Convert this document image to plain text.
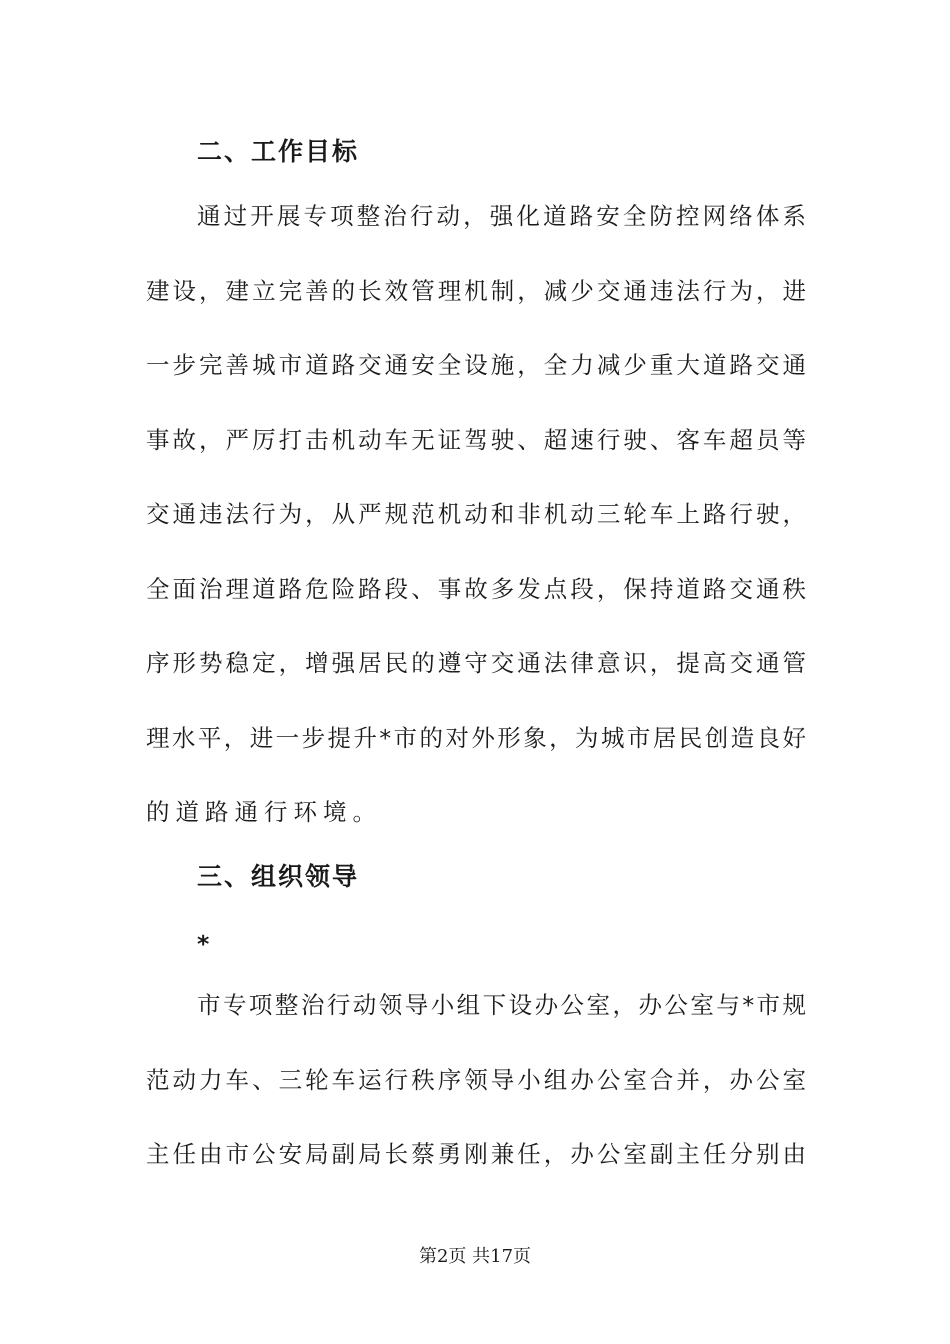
二、工作目标
通过开展专项整治行动，强化道路安全防控网络体系
建设，建立完善的长效管理机制，减少交通违法行为，进
一步完善城市道路交通安全设施，全力减少重大道路交通
事故，严厉打击机动车无证驾驶、超速行驶、客车超员等
交通违法行为，从严规范机动和非机动三轮车上路行驶，
全面治理道路危险路段、事故多发点段，保持道路交通秩
序形势稳定，增强居民的遵守交通法律意识，提高交通管
理水平，进一步提升*市的对外形象，为城市居民创造良好
的道路通行环境。
三、组织领导
*
市专项整治行动领导小组下设办公室，办公室与*市规
范动力车、三轮车运行秩序领导小组办公室合并，办公室
主任由市公安局副局长蔡勇刚兼任，办公室副主任分别由
第2页 共17页
